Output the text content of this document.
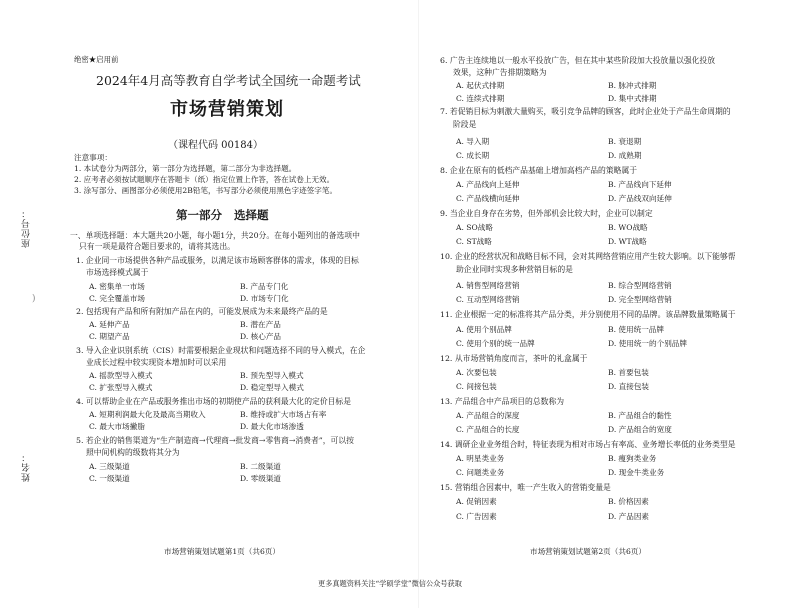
绝密★启用前
2024年4月高等教育自学考试全国统一命题考试
市场营销策划
（课程代码 00184）
注意事项：
1. 本试卷分为两部分，第一部分为选择题，第二部分为非选择题。
2. 应考者必须按试题顺序在答题卡（纸）指定位置上作答，答在试卷上无效。
3. 涂写部分、画图部分必须使用2B铅笔，书写部分必须使用黑色字迹签字笔。
第一部分   选择题
一、单项选择题：本大题共20小题，每小题1分，共20分。在每小题列出的备选项中
只有一项是最符合题目要求的，请将其选出。
座位号：
姓名：
)
1. 企业同一市场提供各种产品或服务，以满足该市场顾客群体的需求，体现的目标
市场选择模式属于
A. 密集单一市场	B. 产品专门化
C. 完全覆盖市场	D. 市场专门化
2. 包括现有产品和所有附加产品在内的，可能发展成为未来最终产品的是
A. 延伸产品	B. 潜在产品
C. 期望产品	D. 核心产品
3. 导入企业识别系统（CIS）时需要根据企业现状和问题选择不同的导入模式，在企
业成长过程中较实现资本增加时可以采用
A. 摇款型导入模式	B. 预先型导入模式
C. 扩张型导入模式	D. 稳定型导入模式
4. 可以帮助企业在产品或服务推出市场的初期使产品的获利最大化的定价目标是
A. 短期利润最大化及最高当期收入	B. 维持或扩大市场占有率
C. 最大市场撇脂	D. 最大化市场渗透
5. 若企业的销售渠道为“生产制造商→代理商→批发商→零售商→消费者”，可以按
照中间机构的级数将其分为
A. 三级渠道	B. 二级渠道
C. 一级渠道	D. 零级渠道
6. 广告主连续地以一般水平投放广告，但在其中某些阶段加大投放量以强化投放
效果，这种广告排期策略为
A. 起伏式排期	B. 脉冲式排期
C. 连续式排期	D. 集中式排期
7. 若促销目标为刺激大量购买，吸引竞争品牌的顾客，此时企业处于产品生命周期的
阶段是
A. 导入期	B. 衰退期
C. 成长期	D. 成熟期
8. 企业在原有的低档产品基础上增加高档产品的策略属于
A. 产品线向上延伸	B. 产品线向下延伸
C. 产品线横向延伸	D. 产品线双向延伸
9. 当企业自身存在劣势，但外部机会比较大时，企业可以制定
A. SO战略	B. WO战略
C. ST战略	D. WT战略
10. 企业的经营状况和战略目标不同，会对其网络营销应用产生较大影响。以下能够帮
助企业同时实现多种营销目标的是
A. 销售型网络营销	B. 综合型网络营销
C. 互动型网络营销	D. 完全型网络营销
11. 企业根据一定的标准将其产品分类，并分别使用不同的品牌。该品牌数量策略属于
A. 使用个别品牌	B. 使用统一品牌
C. 使用个别的统一品牌	D. 使用统一的个别品牌
12. 从市场营销角度而言，茶叶的礼盒属于
A. 次要包装	B. 首要包装
C. 间接包装	D. 直接包装
13. 产品组合中产品项目的总数称为
A. 产品组合的深度	B. 产品组合的黏性
C. 产品组合的长度	D. 产品组合的宽度
14. 调研企业业务组合时，特征表现为相对市场占有率高、业务增长率低的业务类型是
A. 明星类业务	B. 瘦狗类业务
C. 问题类业务	D. 现金牛类业务
15. 营销组合因素中，唯一产生收入的营销变量是
A. 促销因素	B. 价格因素
C. 广告因素	D. 产品因素
市场营销策划试题第1页（共6页）	市场营销策划试题第2页（共6页）
更多真题资料关注“学硕学堂”微信公众号获取
